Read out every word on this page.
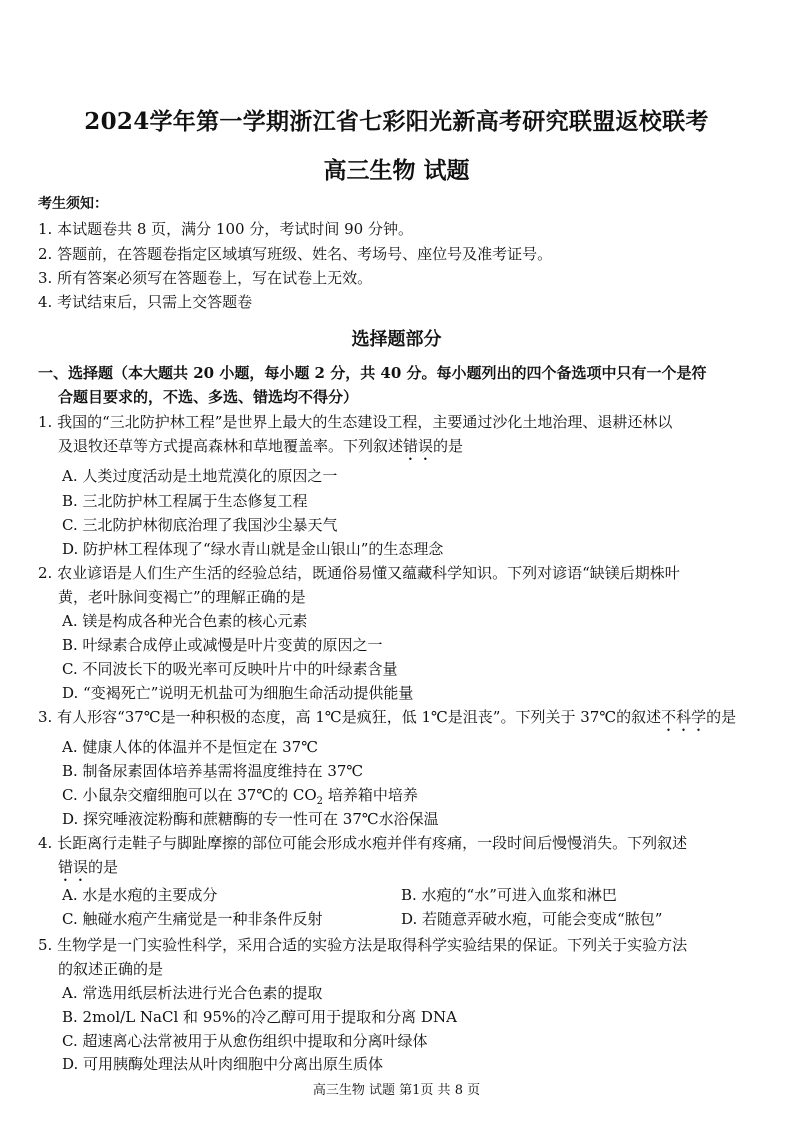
2024学年第一学期浙江省七彩阳光新高考研究联盟返校联考
高三生物 试题
考生须知：
1. 本试题卷共 8 页，满分 100 分，考试时间 90 分钟。
2. 答题前，在答题卷指定区域填写班级、姓名、考场号、座位号及准考证号。
3. 所有答案必须写在答题卷上，写在试卷上无效。
4. 考试结束后，只需上交答题卷
选择题部分
一、选择题（本大题共 20 小题，每小题 2 分，共 40 分。每小题列出的四个备选项中只有一个是符
合题目要求的，不选、多选、错选均不得分）
1. 我国的“三北防护林工程”是世界上最大的生态建设工程，主要通过沙化土地治理、退耕还林以
及退牧还草等方式提高森林和草地覆盖率。下列叙述错误的是
A. 人类过度活动是土地荒漠化的原因之一
B. 三北防护林工程属于生态修复工程
C. 三北防护林彻底治理了我国沙尘暴天气
D. 防护林工程体现了“绿水青山就是金山银山”的生态理念
2. 农业谚语是人们生产生活的经验总结，既通俗易懂又蕴藏科学知识。下列对谚语“缺镁后期株叶
黄，老叶脉间变褐亡”的理解正确的是
A. 镁是构成各种光合色素的核心元素
B. 叶绿素合成停止或减慢是叶片变黄的原因之一
C. 不同波长下的吸光率可反映叶片中的叶绿素含量
D. “变褐死亡”说明无机盐可为细胞生命活动提供能量
3. 有人形容“37℃是一种积极的态度，高 1℃是疯狂，低 1℃是沮丧”。下列关于 37℃的叙述不科学的是
A. 健康人体的体温并不是恒定在 37℃
B. 制备尿素固体培养基需将温度维持在 37℃
C. 小鼠杂交瘤细胞可以在 37℃的 $CO_2$ 培养箱中培养
D. 探究唾液淀粉酶和蔗糖酶的专一性可在 37℃水浴保温
4. 长距离行走鞋子与脚趾摩擦的部位可能会形成水疱并伴有疼痛，一段时间后慢慢消失。下列叙述
错误的是
A. 水是水疱的主要成分	B. 水疱的“水”可进入血浆和淋巴
C. 触碰水疱产生痛觉是一种非条件反射	D. 若随意弄破水疱，可能会变成“脓包”
5. 生物学是一门实验性科学，采用合适的实验方法是取得科学实验结果的保证。下列关于实验方法
的叙述正确的是
A. 常选用纸层析法进行光合色素的提取
B. 2mol/L NaCl 和 95%的冷乙醇可用于提取和分离 DNA
C. 超速离心法常被用于从愈伤组织中提取和分离叶绿体
D. 可用胰酶处理法从叶肉细胞中分离出原生质体
高三生物 试题 第1页 共 8 页
